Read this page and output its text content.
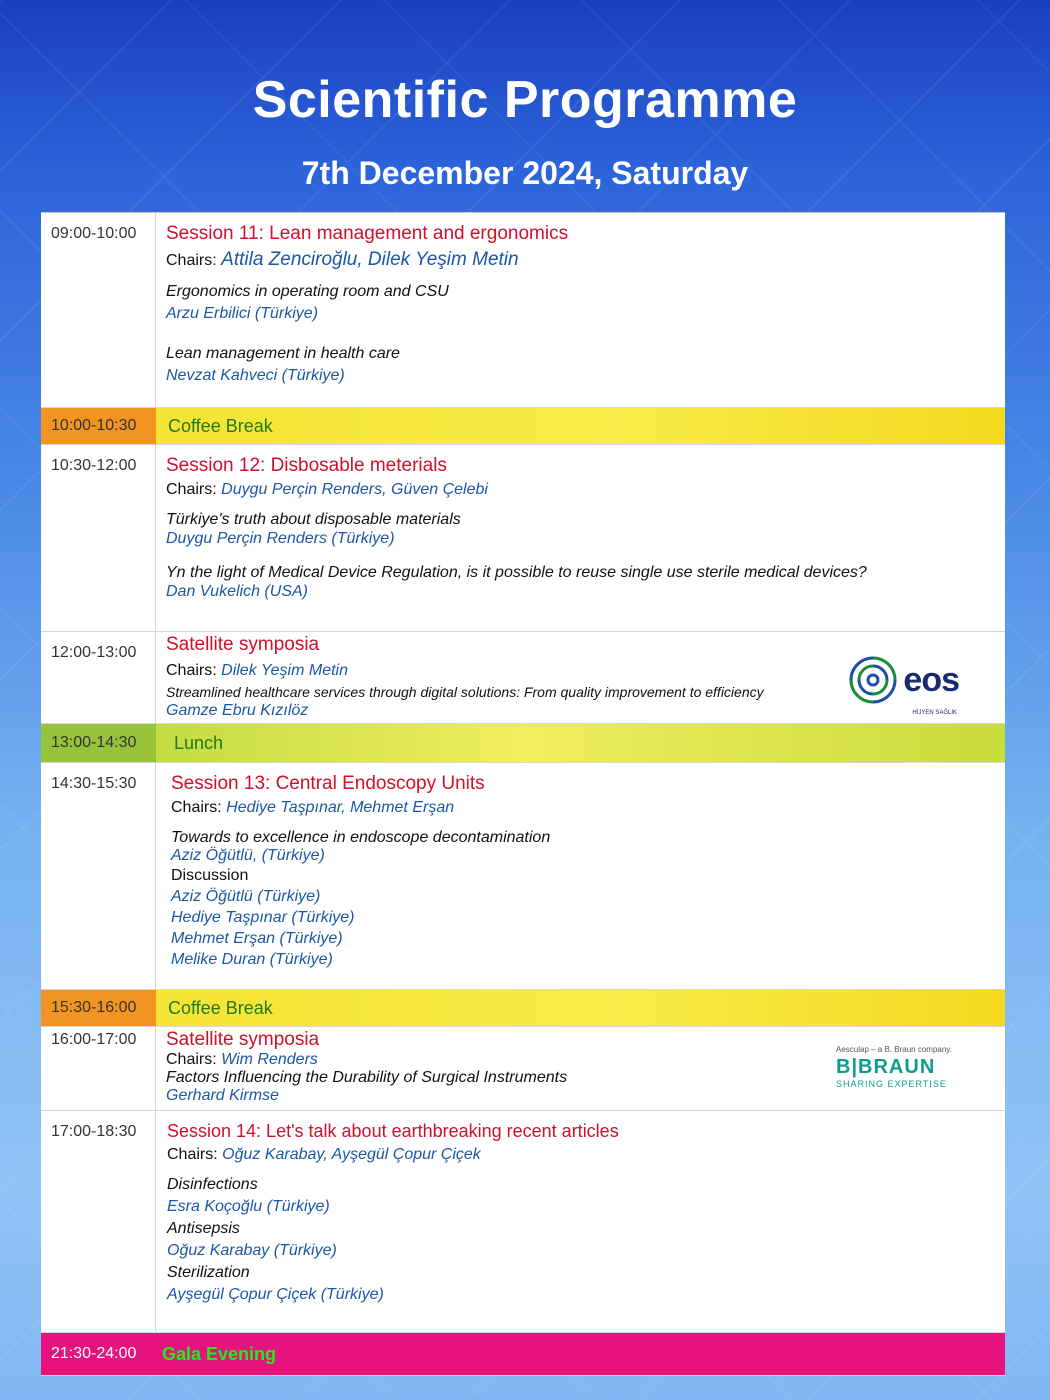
Scientific Programme
7th December 2024, Saturday
09:00-10:00	Session 11: Lean management and ergonomics
Chairs: Attila Zenciroğlu, Dilek Yeşim Metin
Ergonomics in operating room and CSU
Arzu Erbilici (Türkiye)
Lean management in health care
Nevzat Kahveci (Türkiye)
10:00-10:30	Coffee Break
10:30-12:00	Session 12: Disbosable meterials
Chairs: Duygu Perçin Renders, Güven Çelebi
Türkiye's truth about disposable materials
Duygu Perçin Renders (Türkiye)
Yn the light of Medical Device Regulation, is it possible to reuse single use sterile medical devices?
Dan Vukelich (USA)
12:00-13:00	Satellite symposia
Chairs: Dilek Yeşim Metin
Streamlined healthcare services through digital solutions: From quality improvement to efficiency
Gamze Ebru Kızılöz
eos
HİJYEN SAĞLIK
13:00-14:30	Lunch
14:30-15:30	Session 13: Central Endoscopy Units
Chairs: Hediye Taşpınar, Mehmet Erşan
Towards to excellence in endoscope decontamination
Aziz Öğütlü, (Türkiye)
Discussion
Aziz Öğütlü (Türkiye)
Hediye Taşpınar (Türkiye)
Mehmet Erşan (Türkiye)
Melike Duran (Türkiye)
15:30-16:00	Coffee Break
16:00-17:00	Satellite symposia
Chairs: Wim Renders
Factors Influencing the Durability of Surgical Instruments
Gerhard Kirmse
Aesculap – a B. Braun company.
B|BRAUN
SHARING EXPERTISE
17:00-18:30	Session 14: Let's talk about earthbreaking recent articles
Chairs: Oğuz Karabay, Ayşegül Çopur Çiçek
Disinfections
Esra Koçoğlu (Türkiye)
Antisepsis
Oğuz Karabay (Türkiye)
Sterilization
Ayşegül Çopur Çiçek (Türkiye)
21:30-24:00	Gala Evening
